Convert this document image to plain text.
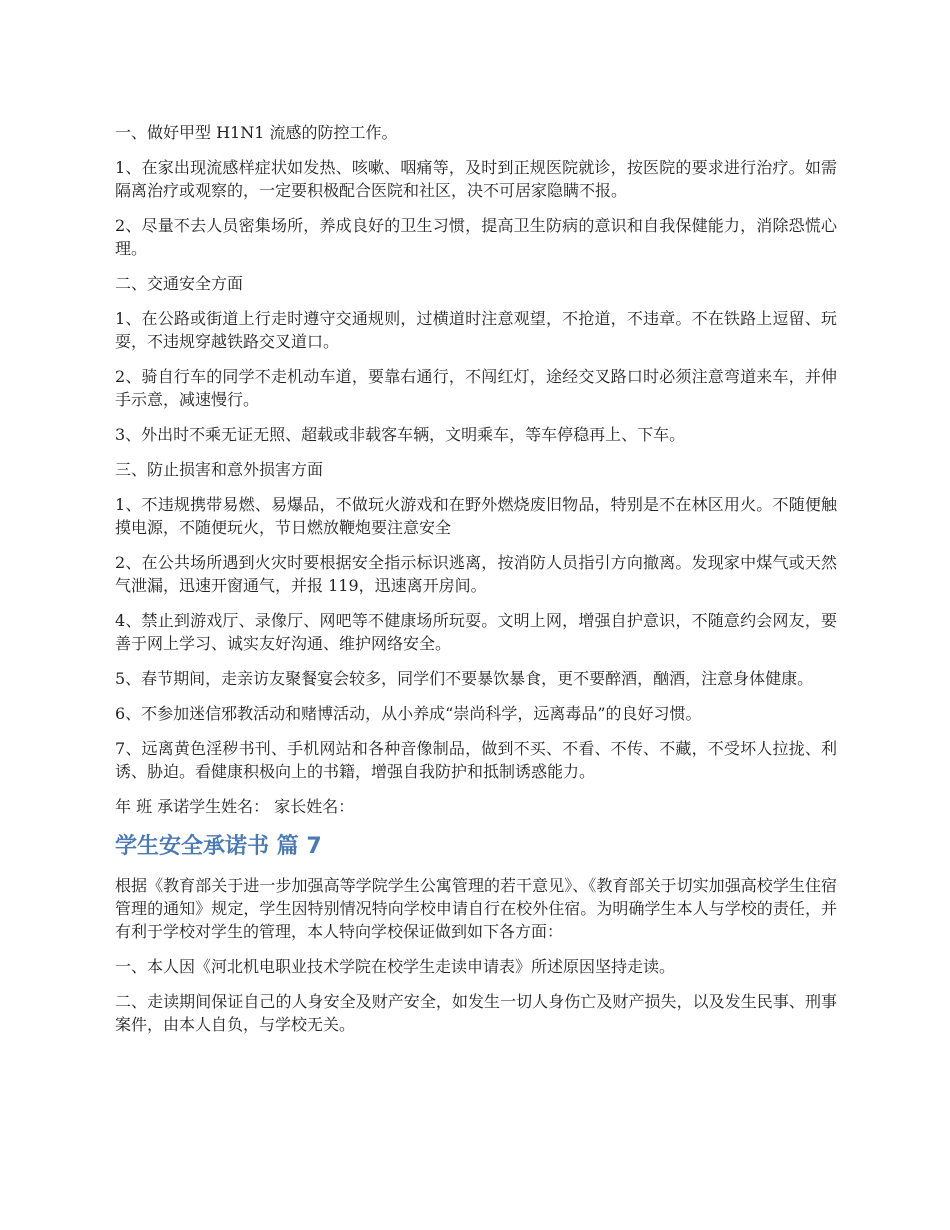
一、做好甲型 H1N1 流感的防控工作。

1、在家出现流感样症状如发热、咳嗽、咽痛等，及时到正规医院就诊，按医院的要求进行治疗。如需隔离治疗或观察的，一定要积极配合医院和社区，决不可居家隐瞒不报。

2、尽量不去人员密集场所，养成良好的卫生习惯，提高卫生防病的意识和自我保健能力，消除恐慌心理。

二、交通安全方面

1、在公路或街道上行走时遵守交通规则，过横道时注意观望，不抢道，不违章。不在铁路上逗留、玩耍，不违规穿越铁路交叉道口。

2、骑自行车的同学不走机动车道，要靠右通行，不闯红灯，途经交叉路口时必须注意弯道来车，并伸手示意，减速慢行。

3、外出时不乘无证无照、超载或非载客车辆，文明乘车，等车停稳再上、下车。

三、防止损害和意外损害方面

1、不违规携带易燃、易爆品，不做玩火游戏和在野外燃烧废旧物品，特别是不在林区用火。不随便触摸电源，不随便玩火，节日燃放鞭炮要注意安全

2、在公共场所遇到火灾时要根据安全指示标识逃离，按消防人员指引方向撤离。发现家中煤气或天然气泄漏，迅速开窗通气，并报 119，迅速离开房间。

4、禁止到游戏厅、录像厅、网吧等不健康场所玩耍。文明上网，增强自护意识，不随意约会网友，要善于网上学习、诚实友好沟通、维护网络安全。

5、春节期间，走亲访友聚餐宴会较多，同学们不要暴饮暴食，更不要醉酒，酗酒，注意身体健康。

6、不参加迷信邪教活动和赌博活动，从小养成“崇尚科学，远离毒品”的良好习惯。

7、远离黄色淫秽书刊、手机网站和各种音像制品，做到不买、不看、不传、不藏，不受坏人拉拢、利诱、胁迫。看健康积极向上的书籍，增强自我防护和抵制诱惑能力。

年 班 承诺学生姓名： 家长姓名：

学生安全承诺书 篇 7

根据《教育部关于进一步加强高等学院学生公寓管理的若干意见》、《教育部关于切实加强高校学生住宿管理的通知》规定，学生因特别情况特向学校申请自行在校外住宿。为明确学生本人与学校的责任，并有利于学校对学生的管理，本人特向学校保证做到如下各方面：

一、本人因《河北机电职业技术学院在校学生走读申请表》所述原因坚持走读。

二、走读期间保证自己的人身安全及财产安全，如发生一切人身伤亡及财产损失，以及发生民事、刑事案件，由本人自负，与学校无关。
